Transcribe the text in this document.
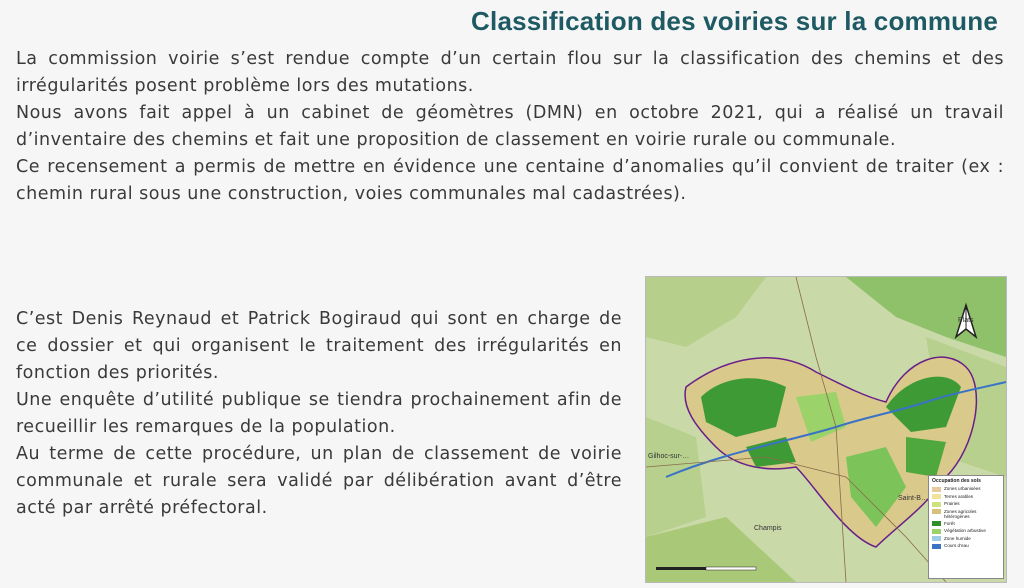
Classification des voiries sur la commune

La commission voirie s’est rendue compte d’un certain flou sur la classification des chemins et des irrégularités posent problème lors des mutations.

Nous avons fait appel à un cabinet de géomètres (DMN) en octobre 2021, qui a réalisé un travail d’inventaire des chemins et fait une proposition de classement en voirie rurale ou communale.

Ce recensement a permis de mettre en évidence une centaine d’anomalies qu’il convient de traiter (ex : chemin rural sous une construction, voies communales mal cadastrées).

C’est Denis Reynaud et Patrick Bogiraud qui sont en charge de ce dossier et qui organisent le traitement des irrégularités en fonction des priorités.

Une enquête d’utilité publique se tiendra prochainement afin de recueillir les remarques de la population.

Au terme de cette procédure, un plan de classement de voirie communale et rurale sera validé par délibération avant d’être acté par arrêté préfectoral.

Plats
Gilhoc-sur-…
Champis
Saint-B…
Occupation des sols
Zones urbanisées
Terres arables
Prairies
Zones agricoles hétérogènes
Forêt
Végétation arbustive
Zone humide
Cours d'eau
